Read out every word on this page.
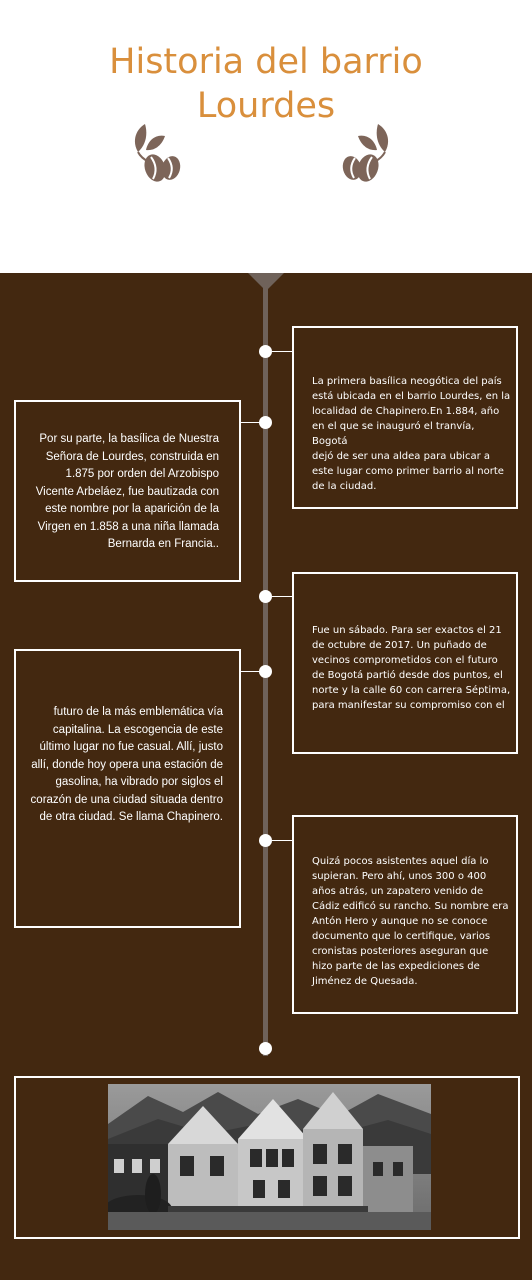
Historia del barrio
Lourdes
La primera basílica neogótica del país
está ubicada en el barrio Lourdes, en la
localidad de Chapinero.En 1.884, año
en el que se inauguró el tranvía, Bogotá
dejó de ser una aldea para ubicar a
este lugar como primer barrio al norte
de la ciudad.
Por su parte, la basílica de Nuestra
Señora de Lourdes, construida en
1.875 por orden del Arzobispo
Vicente Arbeláez, fue bautizada con
este nombre por la aparición de la
Virgen en 1.858 a una niña llamada
Bernarda en Francia..
Fue un sábado. Para ser exactos el 21
de octubre de 2017. Un puñado de
vecinos comprometidos con el futuro
de Bogotá partió desde dos puntos, el
norte y la calle 60 con carrera Séptima,
para manifestar su compromiso con el
futuro de la más emblemática vía
capitalina. La escogencia de este
último lugar no fue casual. Allí, justo
allí, donde hoy opera una estación de
gasolina, ha vibrado por siglos el
corazón de una ciudad situada dentro
de otra ciudad. Se llama Chapinero.
Quizá pocos asistentes aquel día lo
supieran. Pero ahí, unos 300 o 400
años atrás, un zapatero venido de
Cádiz edificó su rancho. Su nombre era
Antón Hero y aunque no se conoce
documento que lo certifique, varios
cronistas posteriores aseguran que
hizo parte de las expediciones de
Jiménez de Quesada.
